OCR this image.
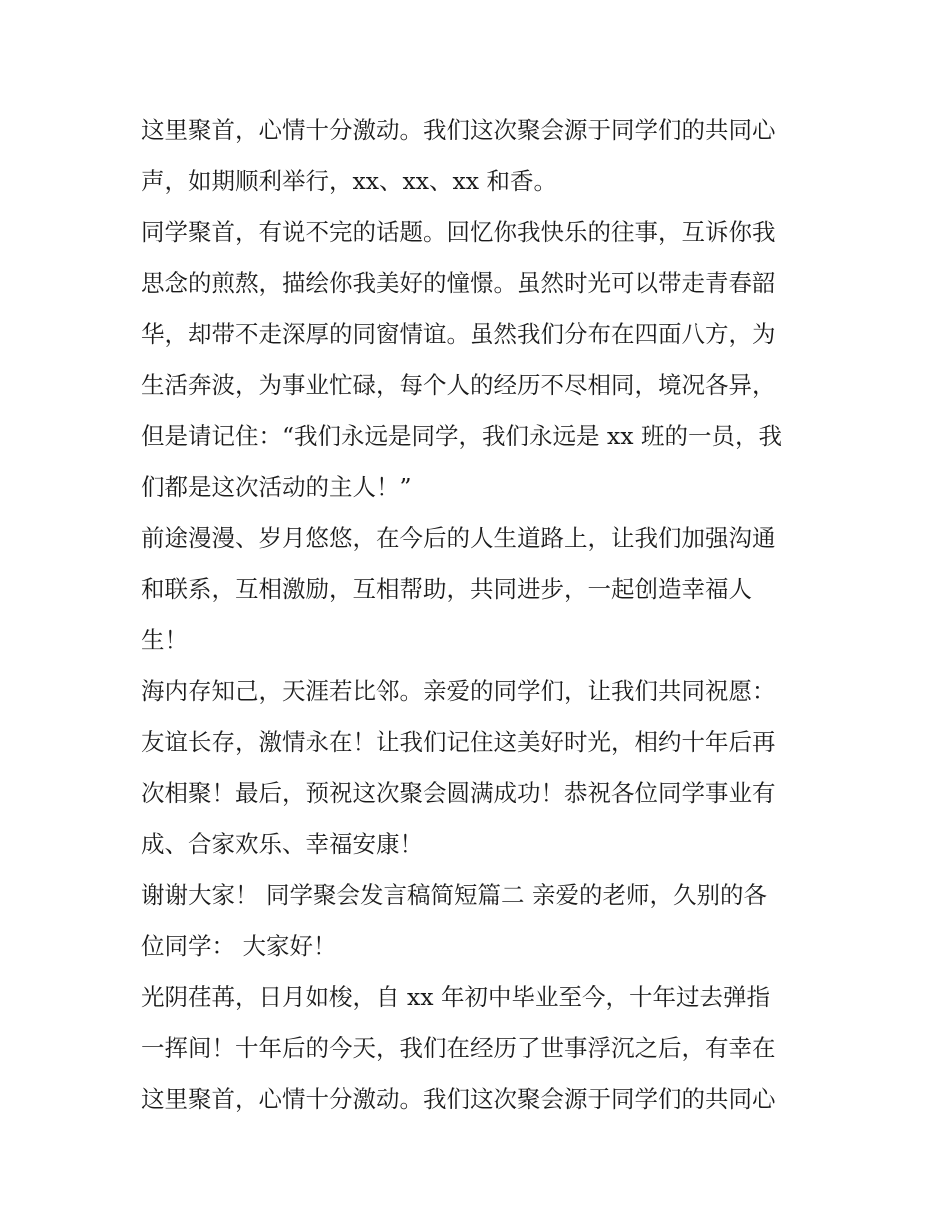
这里聚首，心情十分激动。我们这次聚会源于同学们的共同心
声，如期顺利举行，xx、xx、xx 和香。
同学聚首，有说不完的话题。回忆你我快乐的往事，互诉你我
思念的煎熬，描绘你我美好的憧憬。虽然时光可以带走青春韶
华，却带不走深厚的同窗情谊。虽然我们分布在四面八方，为
生活奔波，为事业忙碌，每个人的经历不尽相同，境况各异，
但是请记住：“我们永远是同学，我们永远是 xx 班的一员，我
们都是这次活动的主人！”
前途漫漫、岁月悠悠，在今后的人生道路上，让我们加强沟通
和联系，互相激励，互相帮助，共同进步，一起创造幸福人
生！
海内存知己，天涯若比邻。亲爱的同学们，让我们共同祝愿：
友谊长存，激情永在！让我们记住这美好时光，相约十年后再
次相聚！最后，预祝这次聚会圆满成功！恭祝各位同学事业有
成、合家欢乐、幸福安康！
谢谢大家！ 同学聚会发言稿简短篇二 亲爱的老师，久别的各
位同学： 大家好！
光阴荏苒，日月如梭，自 xx 年初中毕业至今，十年过去弹指
一挥间！十年后的今天，我们在经历了世事浮沉之后，有幸在
这里聚首，心情十分激动。我们这次聚会源于同学们的共同心
